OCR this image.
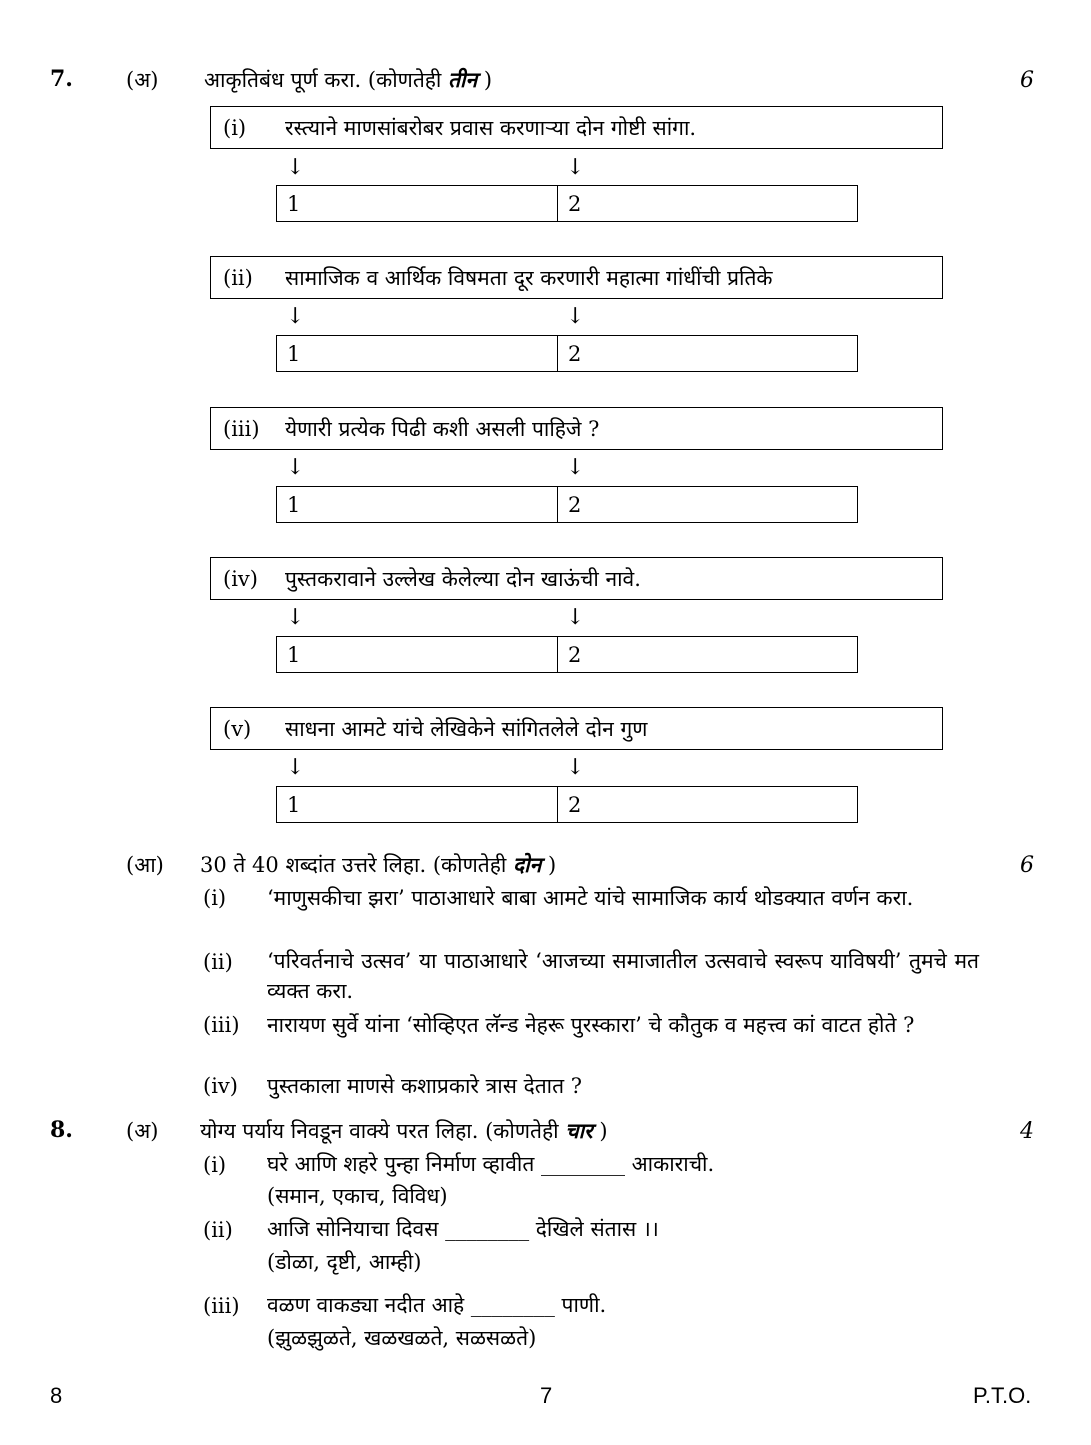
7.	(अ) आकृतिबंध पूर्ण करा. (कोणतेही तीन )	6
(i)	रस्त्याने माणसांबरोबर प्रवास करणाऱ्या दोन गोष्टी सांगा.
↓	↓
1	2
(ii)	सामाजिक व आर्थिक विषमता दूर करणारी महात्मा गांधींची प्रतिके
↓	↓
1	2
(iii)	येणारी प्रत्येक पिढी कशी असली पाहिजे ?
↓	↓
1	2
(iv)	पुस्तकरावाने उल्लेख केलेल्या दोन खाऊंची नावे.
↓	↓
1	2
(v)	साधना आमटे यांचे लेखिकेने सांगितलेले दोन गुण
↓	↓
1	2
(आ) 30 ते 40 शब्दांत उत्तरे लिहा. (कोणतेही दोन )	6
(i) ‘माणुसकीचा झरा’ पाठाआधारे बाबा आमटे यांचे सामाजिक कार्य थोडक्यात वर्णन करा.
(ii) ‘परिवर्तनाचे उत्सव’ या पाठाआधारे ‘आजच्या समाजातील उत्सवाचे स्वरूप याविषयी’ तुमचे मत व्यक्त करा.
(iii) नारायण सुर्वे यांना ‘सोव्हिएत लॅन्ड नेहरू पुरस्कारा’ चे कौतुक व महत्त्व कां वाटत होते ?
(iv) पुस्तकाला माणसे कशाप्रकारे त्रास देतात ?
8.	(अ) योग्य पर्याय निवडून वाक्ये परत लिहा. (कोणतेही चार )	4
(i) घरे आणि शहरे पुन्हा निर्माण व्हावीत ________ आकाराची.
(समान, एकाच, विविध)
(ii) आजि सोनियाचा दिवस ________ देखिले संतास ।।
(डोळा, दृष्टी, आम्ही)
(iii) वळण वाकड्या नदीत आहे ________ पाणी.
(झुळझुळते, खळखळते, सळसळते)
8	7	P.T.O.
